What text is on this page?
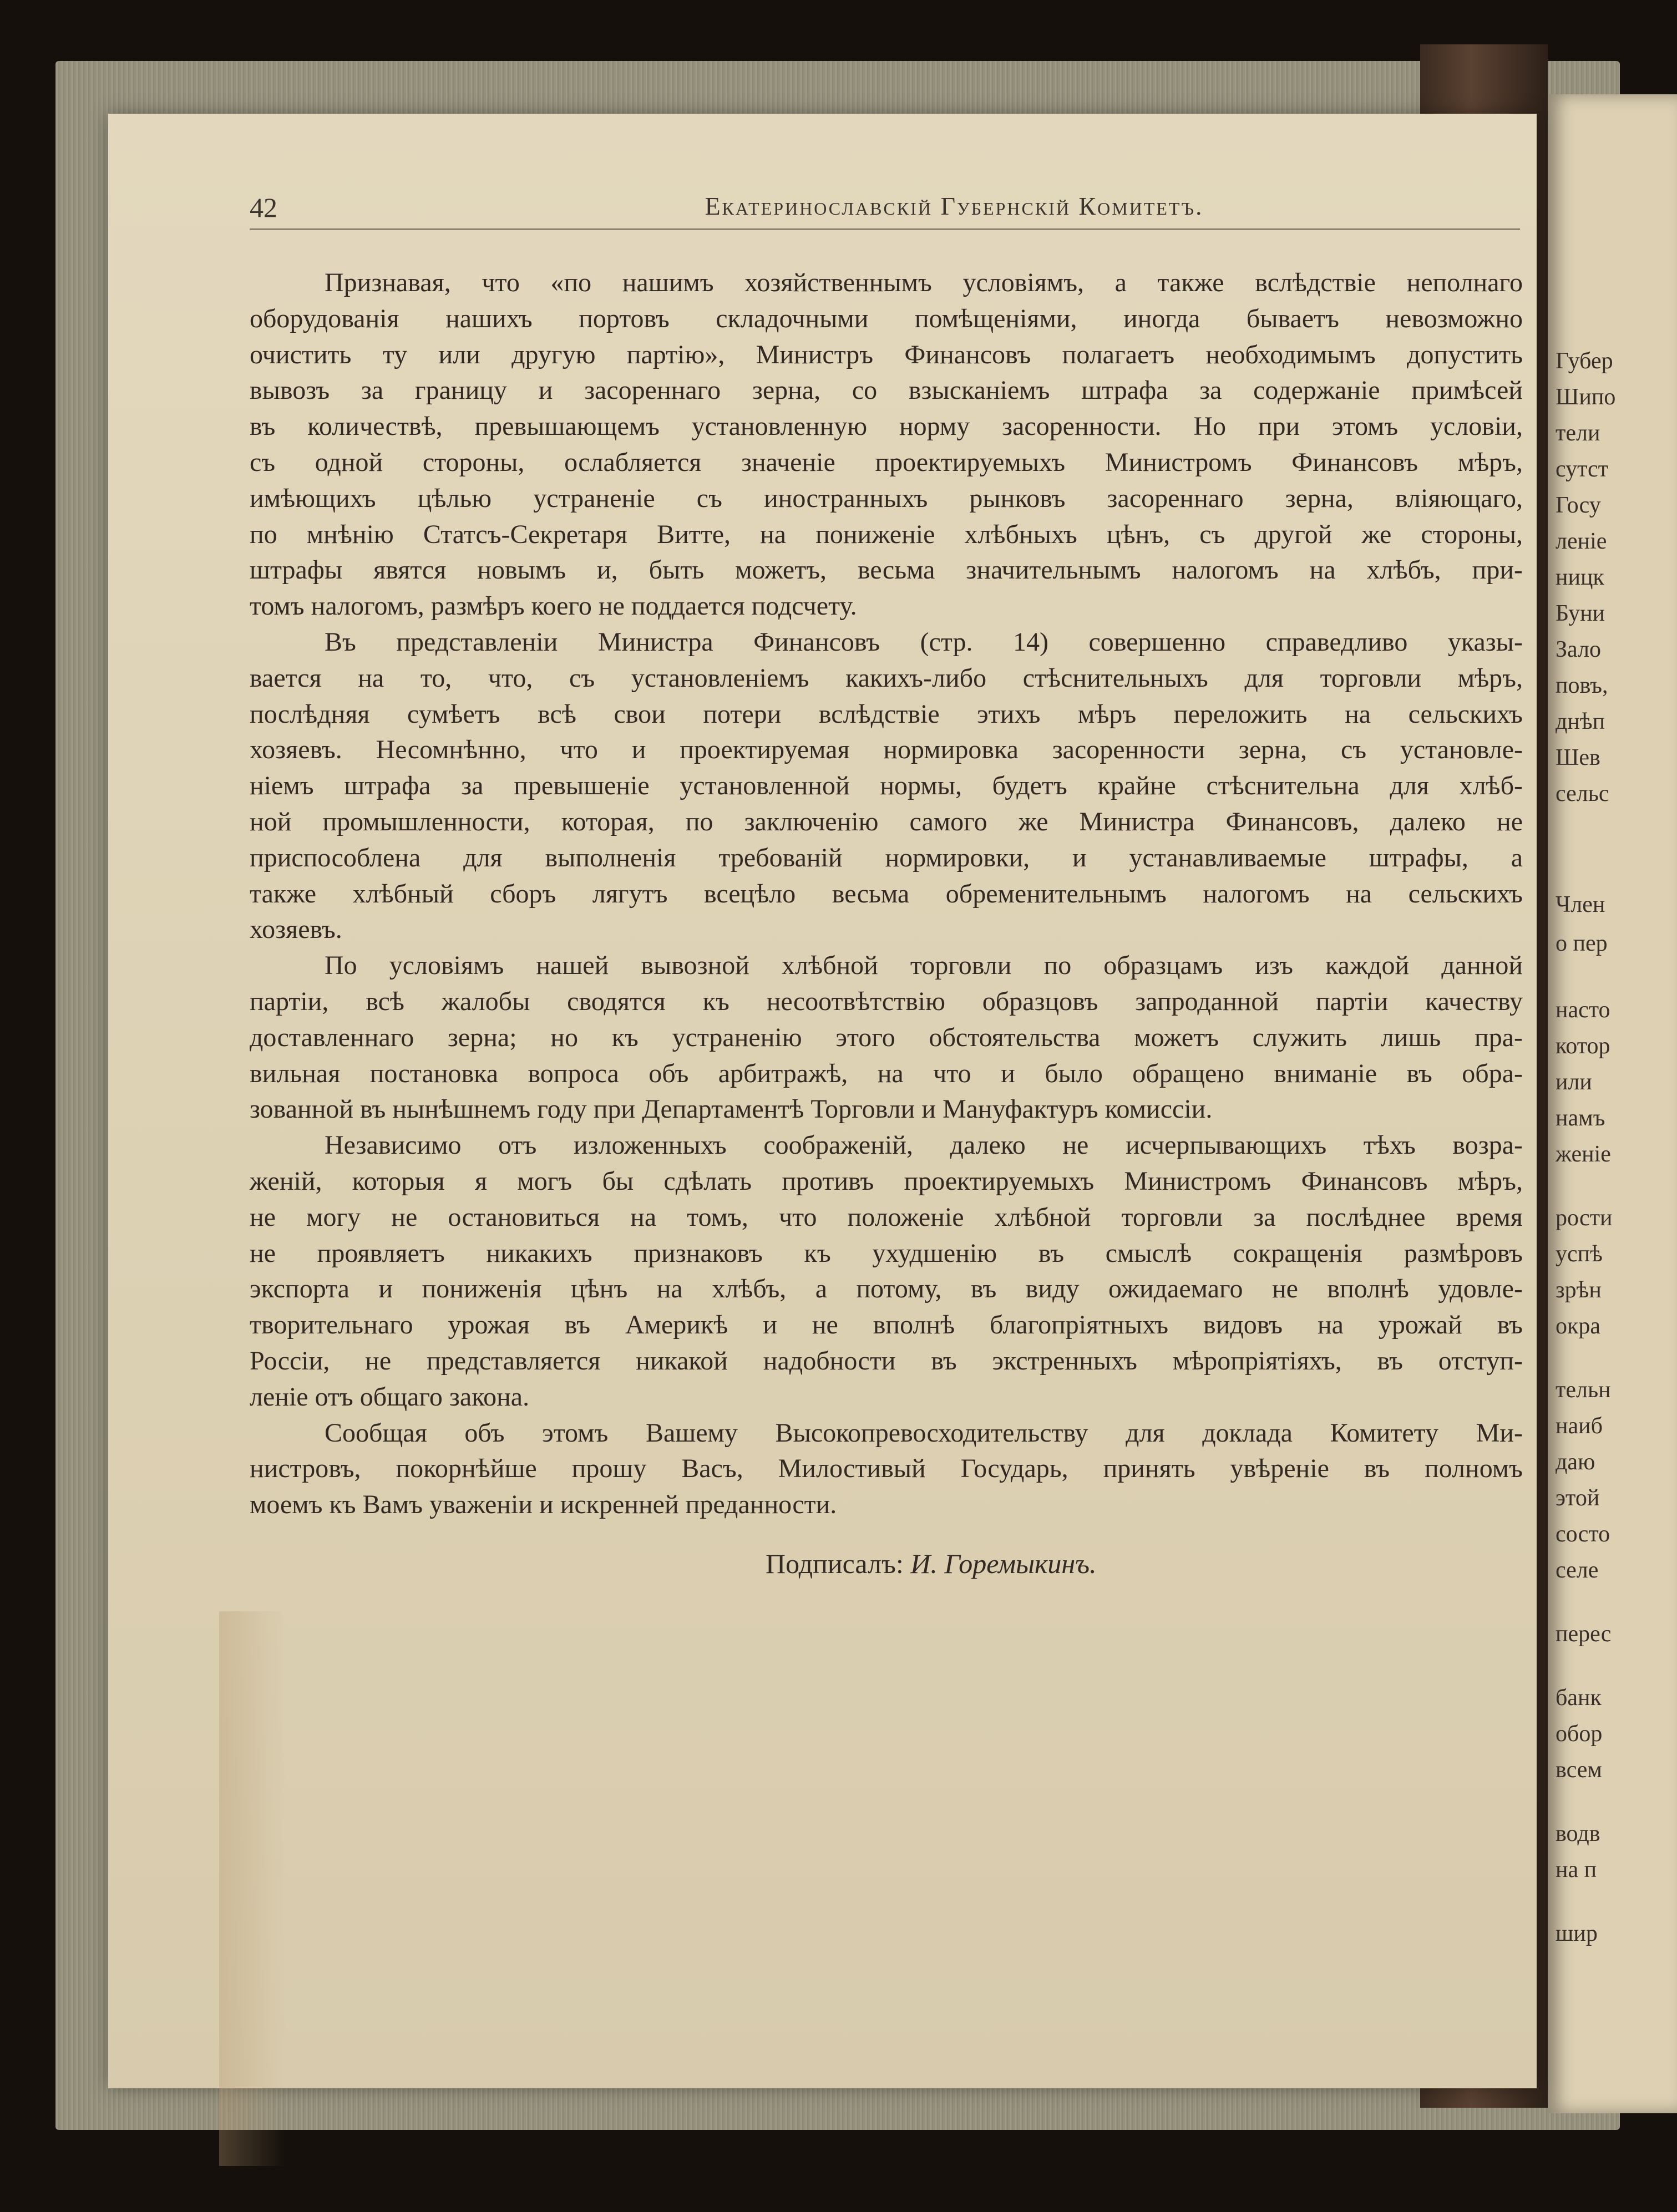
Губер
Шипо
тели
сутст
Госу
леніе
ницк
Буни
Зало
повъ,
днѣп
Шев
сельс
Член
о пер
насто
котор
или
намъ
женіе
рости
успѣ
зрѣн
окра
тельн
наиб
даю
этой
состо
селе
перес
банк
обор
всем
водв
на п
шир
42	Екатеринославскій Губернскій Комитетъ.
Признавая, что «по нашимъ хозяйственнымъ условіямъ, а также вслѣдствіе неполнаго
оборудованія нашихъ портовъ складочными помѣщеніями, иногда бываетъ невозможно
очистить ту или другую партію», Министръ Финансовъ полагаетъ необходимымъ допустить
вывозъ за границу и засореннаго зерна, со взысканіемъ штрафа за содержаніе примѣсей
въ количествѣ, превышающемъ установленную норму засоренности. Но при этомъ условіи,
съ одной стороны, ослабляется значеніе проектируемыхъ Министромъ Финансовъ мѣръ,
имѣющихъ цѣлью устраненіе съ иностранныхъ рынковъ засореннаго зерна, вліяющаго,
по мнѣнію Статсъ-Секретаря Витте, на пониженіе хлѣбныхъ цѣнъ, съ другой же стороны,
штрафы явятся новымъ и, быть можетъ, весьма значительнымъ налогомъ на хлѣбъ, при-
томъ налогомъ, размѣръ коего не поддается подсчету.
Въ представленіи Министра Финансовъ (стр. 14) совершенно справедливо указы-
вается на то, что, съ установленіемъ какихъ-либо стѣснительныхъ для торговли мѣръ,
послѣдняя сумѣетъ всѣ свои потери вслѣдствіе этихъ мѣръ переложить на сельскихъ
хозяевъ. Несомнѣнно, что и проектируемая нормировка засоренности зерна, съ установле-
ніемъ штрафа за превышеніе установленной нормы, будетъ крайне стѣснительна для хлѣб-
ной промышленности, которая, по заключенію самого же Министра Финансовъ, далеко не
приспособлена для выполненія требованій нормировки, и устанавливаемые штрафы, а
также хлѣбный сборъ лягутъ всецѣло весьма обременительнымъ налогомъ на сельскихъ
хозяевъ.
По условіямъ нашей вывозной хлѣбной торговли по образцамъ изъ каждой данной
партіи, всѣ жалобы сводятся къ несоотвѣтствію образцовъ запроданной партіи качеству
доставленнаго зерна; но къ устраненію этого обстоятельства можетъ служить лишь пра-
вильная постановка вопроса объ арбитражѣ, на что и было обращено вниманіе въ обра-
зованной въ нынѣшнемъ году при Департаментѣ Торговли и Мануфактуръ комиссіи.
Независимо отъ изложенныхъ соображеній, далеко не исчерпывающихъ тѣхъ возра-
женій, которыя я могъ бы сдѣлать противъ проектируемыхъ Министромъ Финансовъ мѣръ,
не могу не остановиться на томъ, что положеніе хлѣбной торговли за послѣднее время
не проявляетъ никакихъ признаковъ къ ухудшенію въ смыслѣ сокращенія размѣровъ
экспорта и пониженія цѣнъ на хлѣбъ, а потому, въ виду ожидаемаго не вполнѣ удовле-
творительнаго урожая въ Америкѣ и не вполнѣ благопріятныхъ видовъ на урожай въ
Россіи, не представляется никакой надобности въ экстренныхъ мѣропріятіяхъ, въ отступ-
леніе отъ общаго закона.
Сообщая объ этомъ Вашему Высокопревосходительству для доклада Комитету Ми-
нистровъ, покорнѣйше прошу Васъ, Милостивый Государь, принять увѣреніе въ полномъ
моемъ къ Вамъ уваженіи и искренней преданности.
Подписалъ: И. Горемыкинъ.
